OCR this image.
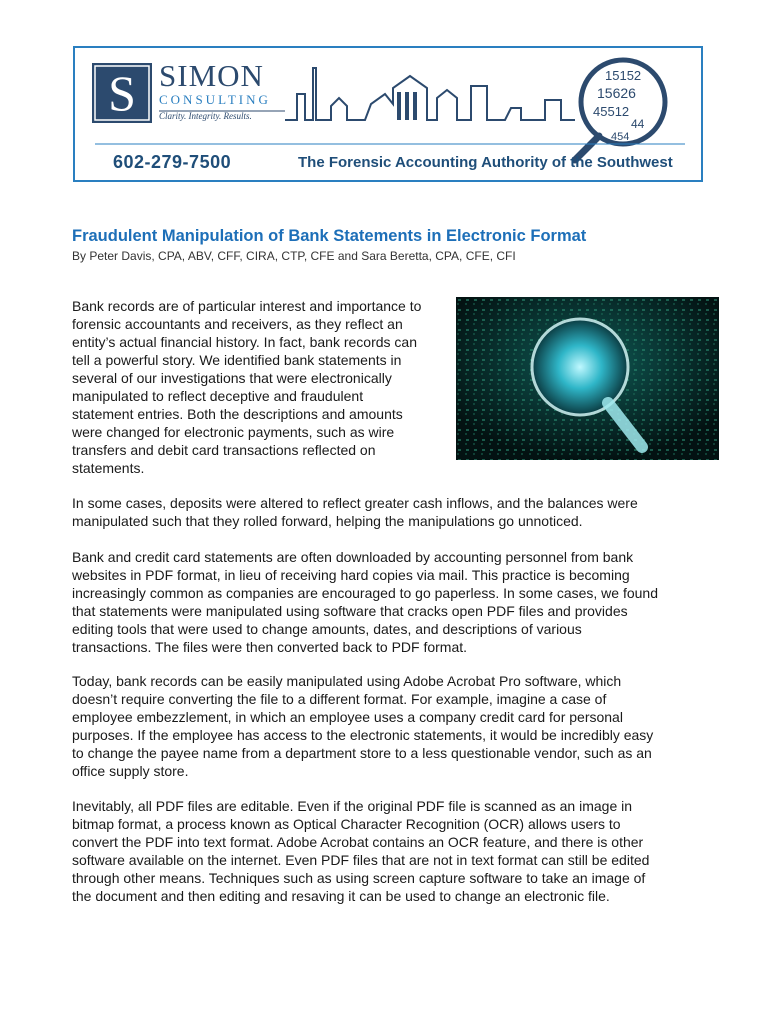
15152
15626
45512
44
454
S SIMON
CONSULTING
Clarity. Integrity. Results.
602-279-7500	The Forensic Accounting Authority of the Southwest
Fraudulent Manipulation of Bank Statements in Electronic Format
By Peter Davis, CPA, ABV, CFF, CIRA, CTP, CFE and Sara Beretta, CPA, CFE, CFI

Bank records are of particular interest and importance to
forensic accountants and receivers, as they reflect an
entity’s actual financial history. In fact, bank records can
tell a powerful story. We identified bank statements in
several of our investigations that were electronically
manipulated to reflect deceptive and fraudulent
statement entries. Both the descriptions and amounts
were changed for electronic payments, such as wire
transfers and debit card transactions reflected on
statements.

In some cases, deposits were altered to reflect greater cash inflows, and the balances were
manipulated such that they rolled forward, helping the manipulations go unnoticed.

Bank and credit card statements are often downloaded by accounting personnel from bank
websites in PDF format, in lieu of receiving hard copies via mail. This practice is becoming
increasingly common as companies are encouraged to go paperless. In some cases, we found
that statements were manipulated using software that cracks open PDF files and provides
editing tools that were used to change amounts, dates, and descriptions of various
transactions. The files were then converted back to PDF format.

Today, bank records can be easily manipulated using Adobe Acrobat Pro software, which
doesn’t require converting the file to a different format. For example, imagine a case of
employee embezzlement, in which an employee uses a company credit card for personal
purposes. If the employee has access to the electronic statements, it would be incredibly easy
to change the payee name from a department store to a less questionable vendor, such as an
office supply store.

Inevitably, all PDF files are editable. Even if the original PDF file is scanned as an image in
bitmap format, a process known as Optical Character Recognition (OCR) allows users to
convert the PDF into text format. Adobe Acrobat contains an OCR feature, and there is other
software available on the internet. Even PDF files that are not in text format can still be edited
through other means. Techniques such as using screen capture software to take an image of
the document and then editing and resaving it can be used to change an electronic file.
